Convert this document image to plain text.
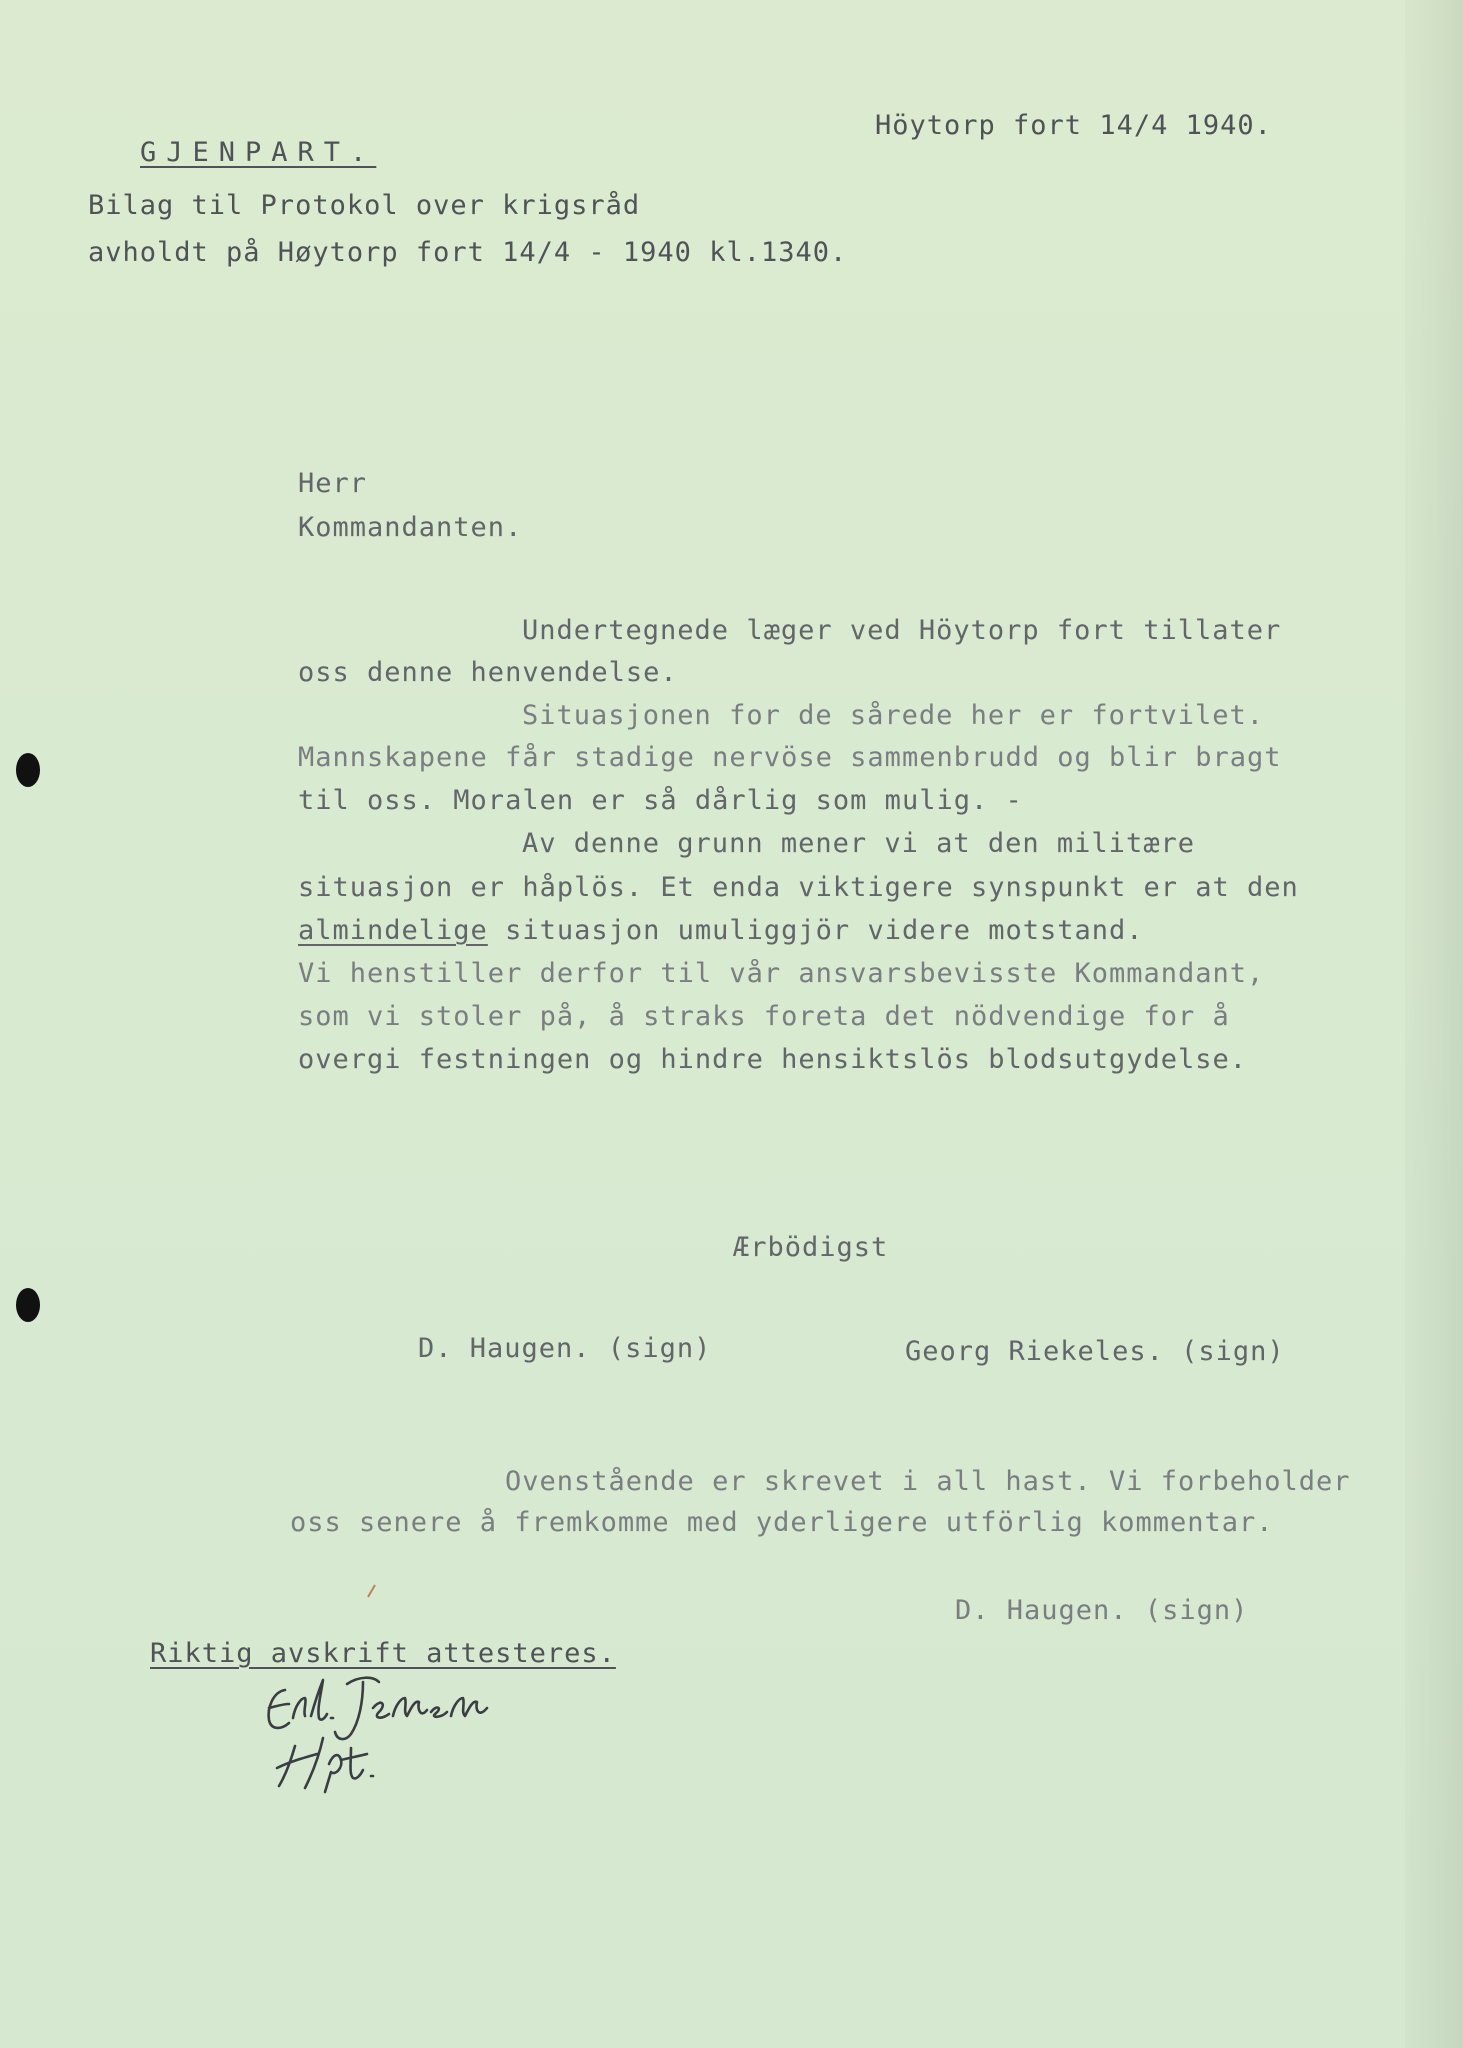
Höytorp fort 14/4 1940.
GJENPART.
Bilag til Protokol over krigsråd
avholdt på Høytorp fort 14/4 - 1940 kl.1340.
Herr
Kommandanten.
Undertegnede læger ved Höytorp fort tillater
oss denne henvendelse.
Situasjonen for de sårede her er fortvilet.
Mannskapene får stadige nervöse sammenbrudd og blir bragt
til oss. Moralen er så dårlig som mulig. -
Av denne grunn mener vi at den militære
situasjon er håplös. Et enda viktigere synspunkt er at den
almindelige situasjon umuliggjör videre motstand.
Vi henstiller derfor til vår ansvarsbevisste Kommandant,
som vi stoler på, å straks foreta det nödvendige for å
overgi festningen og hindre hensiktslös blodsutgydelse.
Ærbödigst
D. Haugen. (sign)	Georg Riekeles. (sign)
Ovenstående er skrevet i all hast. Vi forbeholder
oss senere å fremkomme med yderligere utförlig kommentar.
D. Haugen. (sign)
Riktig avskrift attesteres.
